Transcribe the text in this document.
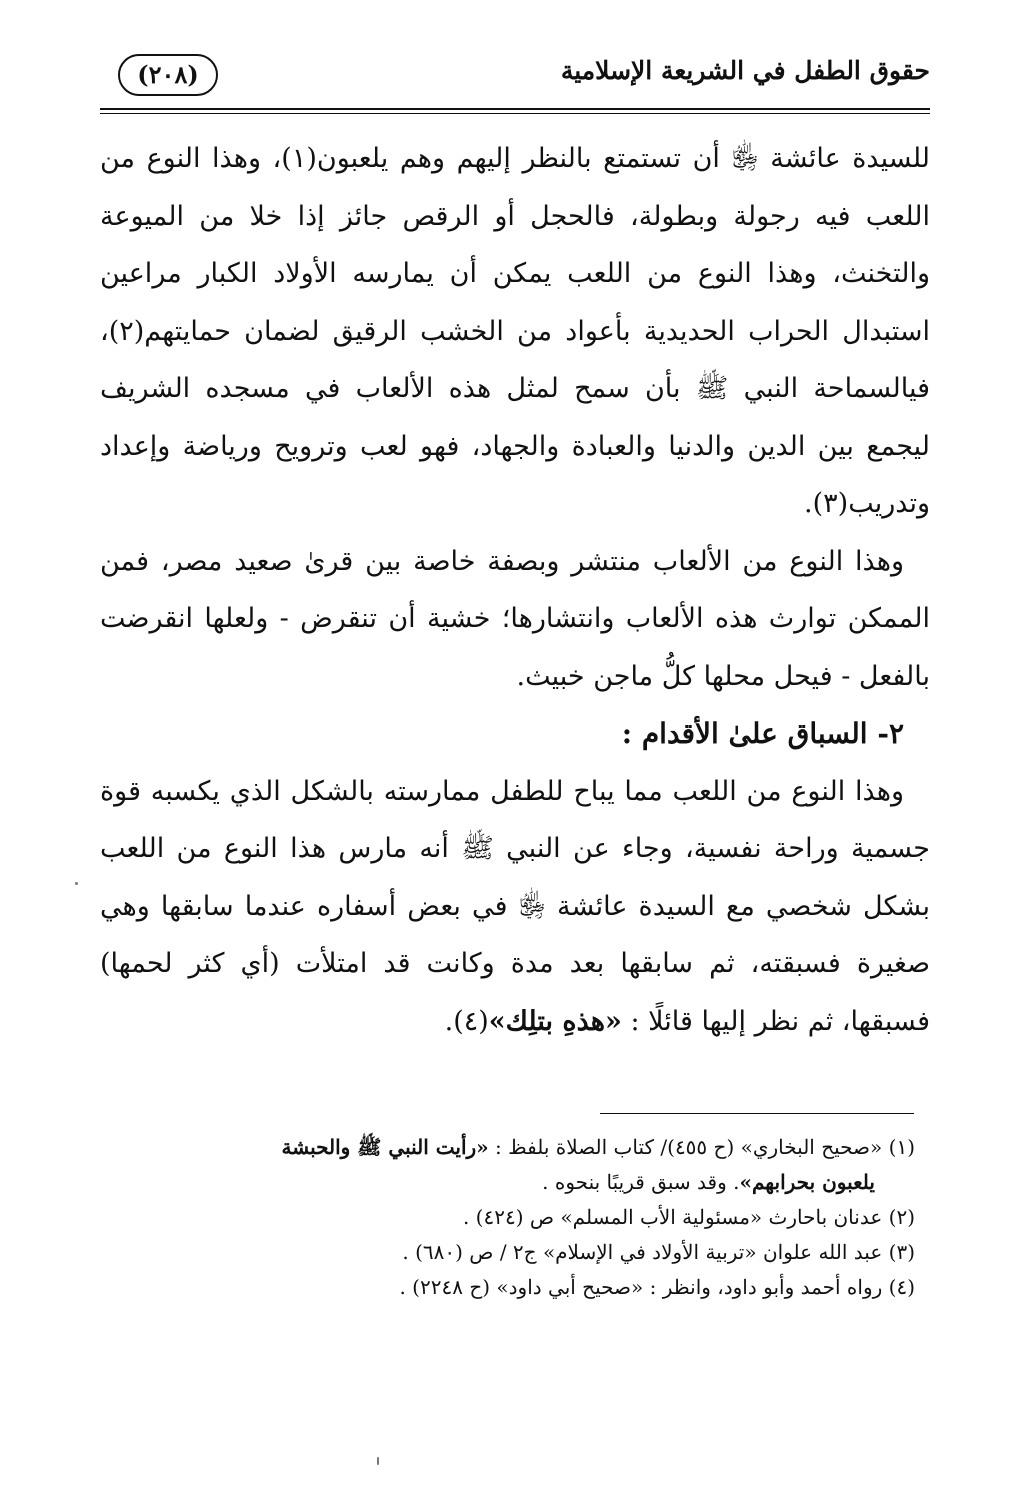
حقوق الطفل في الشريعة الإسلامية
(٢٠٨)

للسيدة عائشة ﵂ أن تستمتع بالنظر إليهم وهم يلعبون(١)، وهذا النوع من اللعب فيه رجولة وبطولة، فالحجل أو الرقص جائز إذا خلا من الميوعة والتخنث، وهذا النوع من اللعب يمكن أن يمارسه الأولاد الكبار مراعين استبدال الحراب الحديدية بأعواد من الخشب الرقيق لضمان حمايتهم(٢)، فيالسماحة النبي ﷺ بأن سمح لمثل هذه الألعاب في مسجده الشريف ليجمع بين الدين والدنيا والعبادة والجهاد، فهو لعب وترويح ورياضة وإعداد وتدريب(٣).

وهذا النوع من الألعاب منتشر وبصفة خاصة بين قرىٰ صعيد مصر، فمن الممكن توارث هذه الألعاب وانتشارها؛ خشية أن تنقرض - ولعلها انقرضت بالفعل - فيحل محلها كلُّ ماجن خبيث.

٢- السباق علىٰ الأقدام :

وهذا النوع من اللعب مما يباح للطفل ممارسته بالشكل الذي يكسبه قوة جسمية وراحة نفسية، وجاء عن النبي ﷺ أنه مارس هذا النوع من اللعب بشكل شخصي مع السيدة عائشة ﵂ في بعض أسفاره عندما سابقها وهي صغيرة فسبقته، ثم سابقها بعد مدة وكانت قد امتلأت (أي كثر لحمها) فسبقها، ثم نظر إليها قائلًا : «هذهِ بتلِك»(٤).

(١) «صحيح البخاري» (ح ٤٥٥)/ كتاب الصلاة بلفظ : «رأيت النبي ﷺ والحبشة

يلعبون بحرابهم». وقد سبق قريبًا بنحوه .

(٢) عدنان باحارث «مسئولية الأب المسلم» ص (٤٢٤) .

(٣) عبد الله علوان «تربية الأولاد في الإسلام» ج٢ / ص (٦٨٠) .

(٤) رواه أحمد وأبو داود، وانظر : «صحيح أبي داود» (ح ٢٢٤٨) .
